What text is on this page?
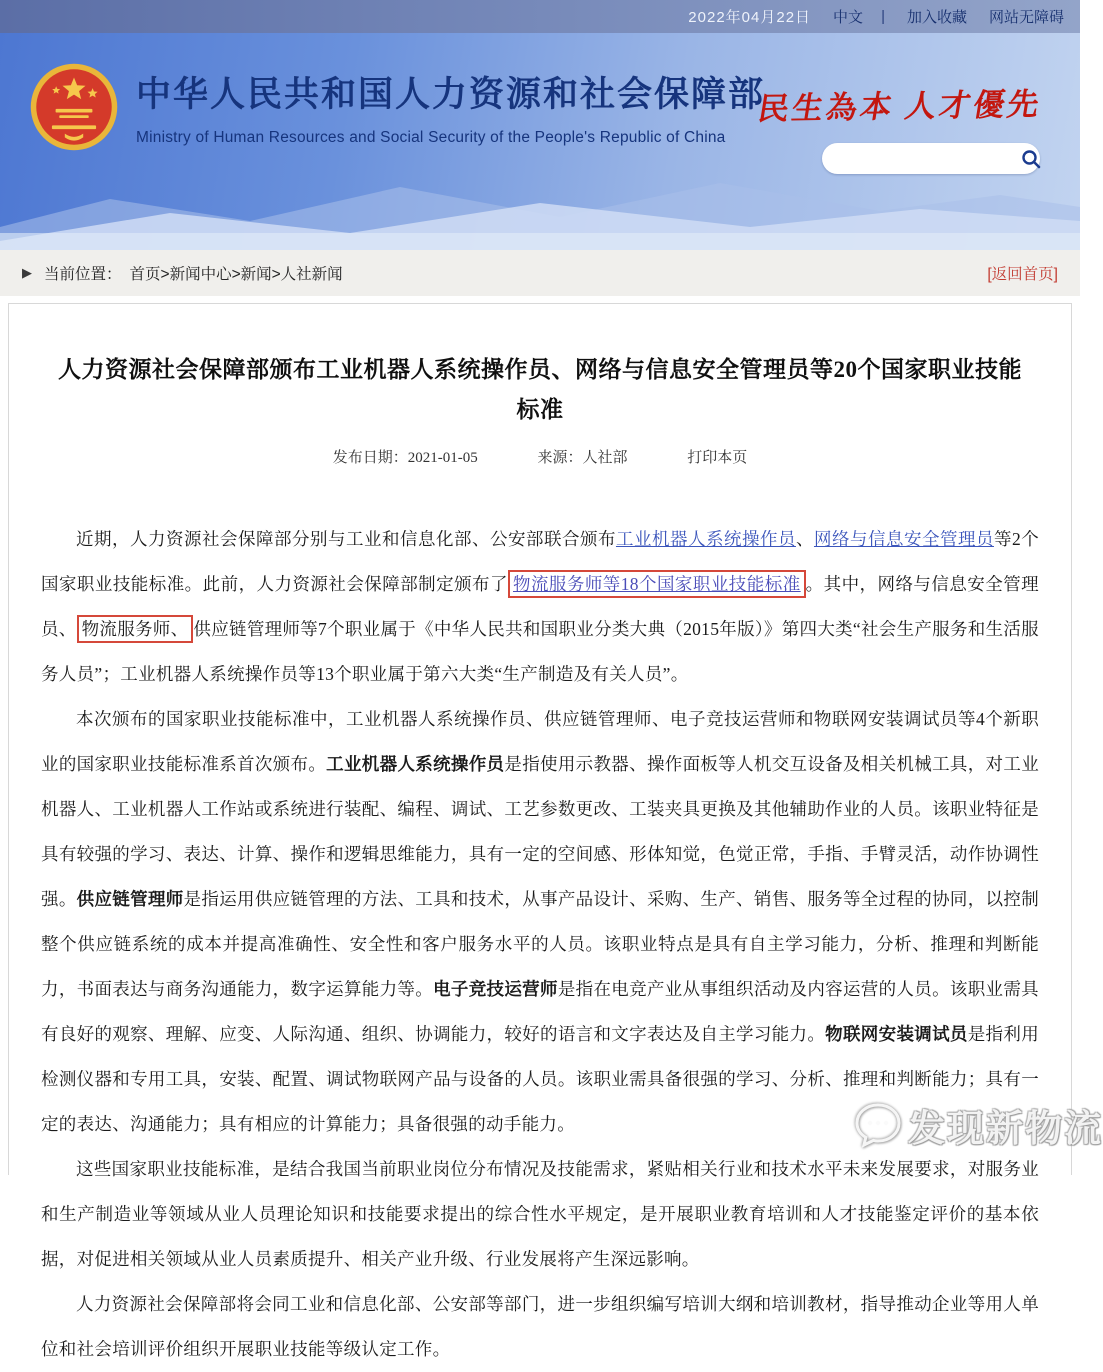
2022年04月22日 中文 | 加入收藏 网站无障碍
中华人民共和国人力资源和社会保障部
Ministry of Human Resources and Social Security of the People's Republic of China
民生為本 人才優先
▶ 当前位置： 首页>新闻中心>新闻>人社新闻	[返回首页]
人力资源社会保障部颁布工业机器人系统操作员、网络与信息安全管理员等20个国家职业技能标准
发布日期：2021-01-05	来源：人社部	打印本页

近期，人力资源社会保障部分别与工业和信息化部、公安部联合颁布工业机器人系统操作员、网络与信息安全管理员等2个国家职业技能标准。此前，人力资源社会保障部制定颁布了 物流服务师等18个国家职业技能标准 。其中，网络与信息安全管理员、 物流服务师、 供应链管理师等7个职业属于《中华人民共和国职业分类大典（2015年版）》第四大类“社会生产服务和生活服务人员”；工业机器人系统操作员等13个职业属于第六大类“生产制造及有关人员”。

本次颁布的国家职业技能标准中，工业机器人系统操作员、供应链管理师、电子竞技运营师和物联网安装调试员等4个新职业的国家职业技能标准系首次颁布。工业机器人系统操作员是指使用示教器、操作面板等人机交互设备及相关机械工具，对工业机器人、工业机器人工作站或系统进行装配、编程、调试、工艺参数更改、工装夹具更换及其他辅助作业的人员。该职业特征是具有较强的学习、表达、计算、操作和逻辑思维能力，具有一定的空间感、形体知觉，色觉正常，手指、手臂灵活，动作协调性强。供应链管理师是指运用供应链管理的方法、工具和技术，从事产品设计、采购、生产、销售、服务等全过程的协同，以控制整个供应链系统的成本并提高准确性、安全性和客户服务水平的人员。该职业特点是具有自主学习能力，分析、推理和判断能力，书面表达与商务沟通能力，数字运算能力等。电子竞技运营师是指在电竞产业从事组织活动及内容运营的人员。该职业需具有良好的观察、理解、应变、人际沟通、组织、协调能力，较好的语言和文字表达及自主学习能力。物联网安装调试员是指利用检测仪器和专用工具，安装、配置、调试物联网产品与设备的人员。该职业需具备很强的学习、分析、推理和判断能力；具有一定的表达、沟通能力；具有相应的计算能力；具备很强的动手能力。

这些国家职业技能标准，是结合我国当前职业岗位分布情况及技能需求，紧贴相关行业和技术水平未来发展要求，对服务业和生产制造业等领域从业人员理论知识和技能要求提出的综合性水平规定，是开展职业教育培训和人才技能鉴定评价的基本依据，对促进相关领域从业人员素质提升、相关产业升级、行业发展将产生深远影响。

人力资源社会保障部将会同工业和信息化部、公安部等部门，进一步组织编写培训大纲和培训教材，指导推动企业等用人单位和社会培训评价组织开展职业技能等级认定工作。

发现新物流
